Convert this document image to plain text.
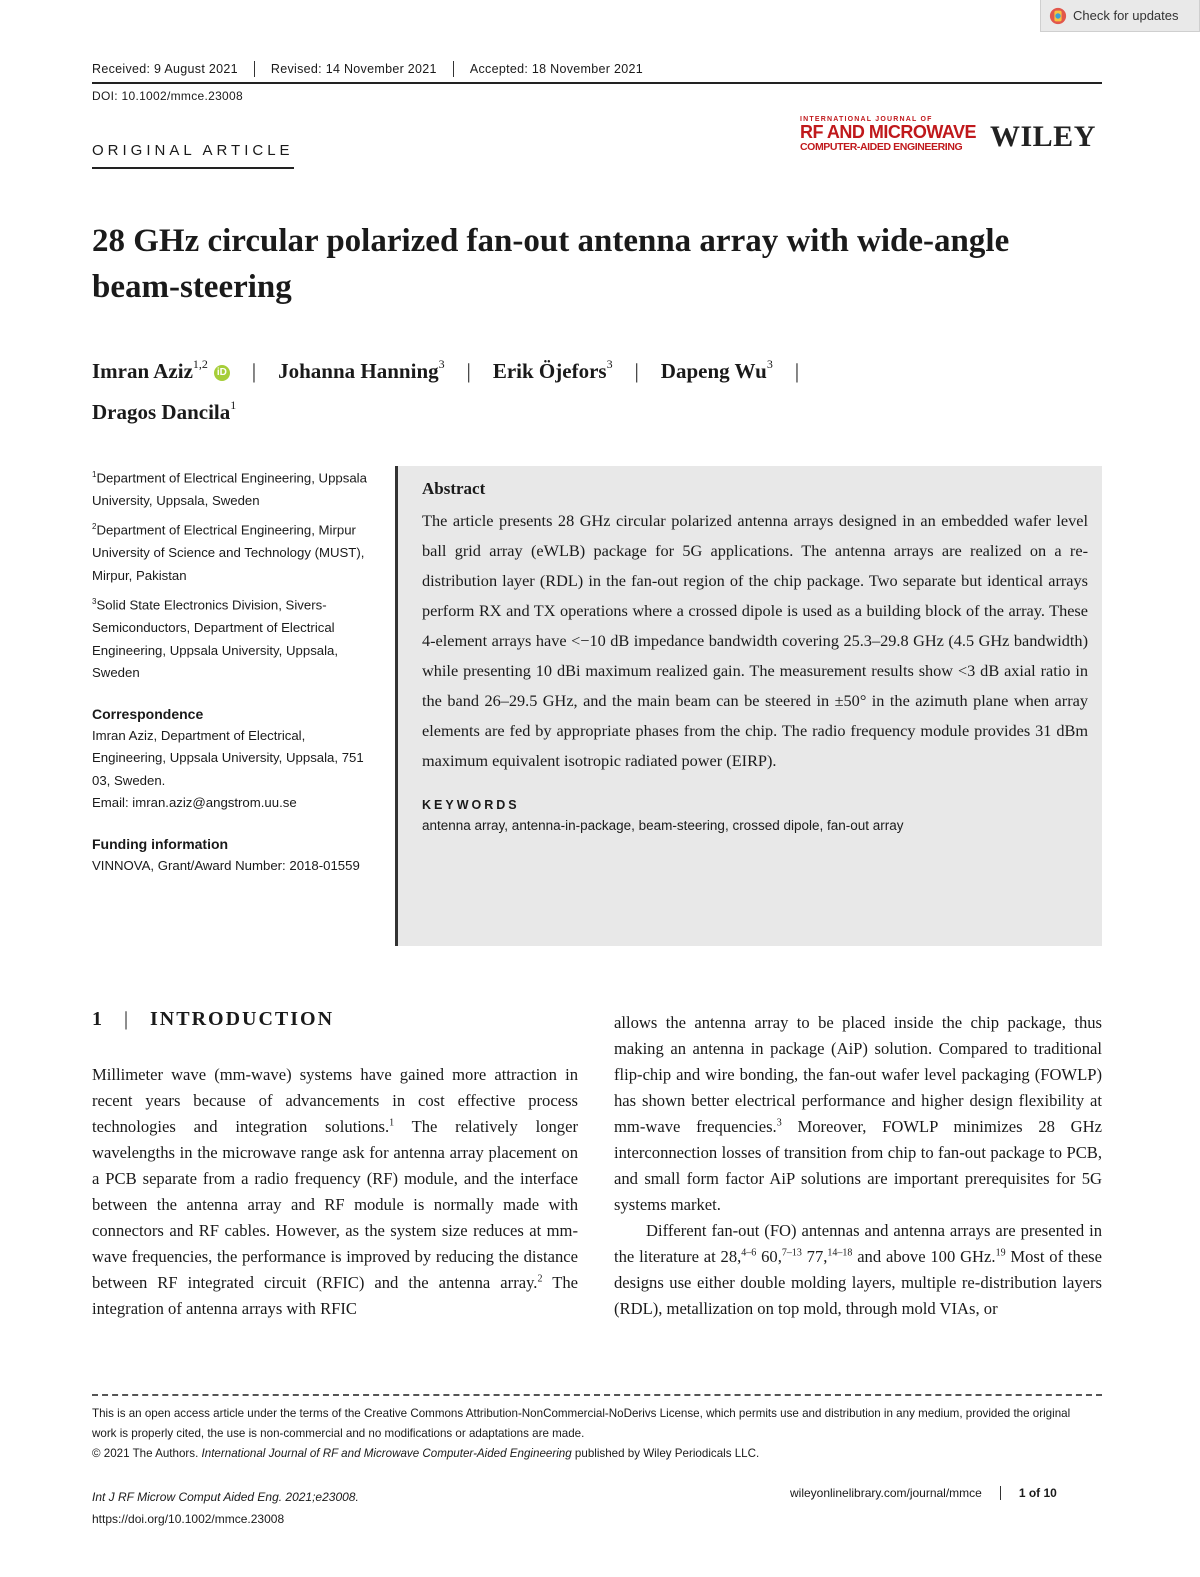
Check for updates
Received: 9 August 2021	Revised: 14 November 2021	Accepted: 18 November 2021
DOI: 10.1002/mmce.23008
ORIGINAL ARTICLE
INTERNATIONAL JOURNAL OF
RF AND MICROWAVE
COMPUTER-AIDED ENGINEERING WILEY
28 GHz circular polarized fan-out antenna array with wide-angle beam-steering
Imran Aziz$^{1,2}$iD | Johanna Hanning$^3$ | Erik Öjefors$^3$ | Dapeng Wu$^3$ |
Dragos Dancila$^1$
$^1$Department of Electrical Engineering, Uppsala University, Uppsala, Sweden
$^2$Department of Electrical Engineering, Mirpur University of Science and Technology (MUST), Mirpur, Pakistan
$^3$Solid State Electronics Division, Sivers-Semiconductors, Department of Electrical Engineering, Uppsala University, Uppsala, Sweden
Correspondence
Imran Aziz, Department of Electrical, Engineering, Uppsala University, Uppsala, 751 03, Sweden.
Email: imran.aziz@angstrom.uu.se
Funding information
VINNOVA, Grant/Award Number: 2018-01559
Abstract
The article presents 28 GHz circular polarized antenna arrays designed in an embedded wafer level ball grid array (eWLB) package for 5G applications. The antenna arrays are realized on a re-distribution layer (RDL) in the fan-out region of the chip package. Two separate but identical arrays perform RX and TX operations where a crossed dipole is used as a building block of the array. These 4-element arrays have <−10 dB impedance bandwidth covering 25.3–29.8 GHz (4.5 GHz bandwidth) while presenting 10 dBi maximum realized gain. The measurement results show <3 dB axial ratio in the band 26–29.5 GHz, and the main beam can be steered in ±50° in the azimuth plane when array elements are fed by appropriate phases from the chip. The radio frequency module provides 31 dBm maximum equivalent isotropic radiated power (EIRP).
KEYWORDS
antenna array, antenna-in-package, beam-steering, crossed dipole, fan-out array
1 | INTRODUCTION

Millimeter wave (mm-wave) systems have gained more attraction in recent years because of advancements in cost effective process technologies and integration solutions.$^1$ The relatively longer wavelengths in the microwave range ask for antenna array placement on a PCB separate from a radio frequency (RF) module, and the interface between the antenna array and RF module is normally made with connectors and RF cables. However, as the system size reduces at mm-wave frequencies, the performance is improved by reducing the distance between RF integrated circuit (RFIC) and the antenna array.$^2$ The integration of antenna arrays with RFIC

allows the antenna array to be placed inside the chip package, thus making an antenna in package (AiP) solution. Compared to traditional flip-chip and wire bonding, the fan-out wafer level packaging (FOWLP) has shown better electrical performance and higher design flexibility at mm-wave frequencies.$^3$ Moreover, FOWLP minimizes 28 GHz interconnection losses of transition from chip to fan-out package to PCB, and small form factor AiP solutions are important prerequisites for 5G systems market.

Different fan-out (FO) antennas and antenna arrays are presented in the literature at 28,$^{4-6}$ 60,$^{7-13}$ 77,$^{14-18}$ and above 100 GHz.$^{19}$ Most of these designs use either double molding layers, multiple re-distribution layers (RDL), metallization on top mold, through mold VIAs, or

This is an open access article under the terms of the Creative Commons Attribution-NonCommercial-NoDerivs License, which permits use and distribution in any medium, provided the original work is properly cited, the use is non-commercial and no modifications or adaptations are made.
© 2021 The Authors. International Journal of RF and Microwave Computer-Aided Engineering published by Wiley Periodicals LLC.
Int J RF Microw Comput Aided Eng. 2021;e23008.
https://doi.org/10.1002/mmce.23008
wileyonlinelibrary.com/journal/mmce	1 of 10
